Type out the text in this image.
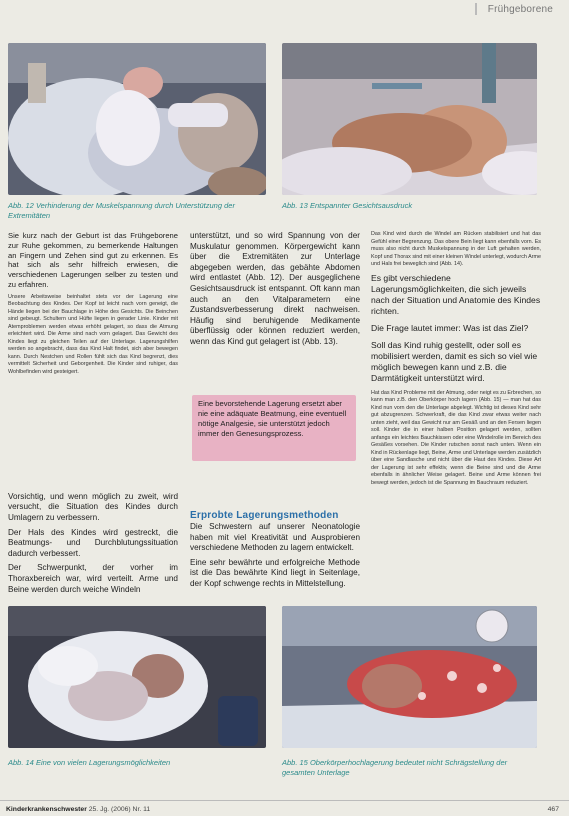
Frühgeborene
Abb. 12 Verhinderung der Muskelspannung durch Unterstützung der Extremitäten
Abb. 13 Entspannter Gesichtsausdruck

Sie kurz nach der Geburt ist das Frühgeborene zur Ruhe gekommen, zu bemerkende Haltungen an Fingern und Zehen sind gut zu erkennen. Es hat sich als sehr hilfreich erwiesen, die verschiedenen Lagerungen selber zu testen und zu erfahren.

Unsere Arbeitsweise beinhaltet stets vor der Lagerung eine Beobachtung des Kindes. Der Kopf ist leicht nach vorn geneigt, die Hände liegen bei der Bauchlage in Höhe des Gesichts. Die Beinchen sind gebeugt. Schultern und Hüfte liegen in gerader Linie. Kinder mit Atemproblemen werden etwas erhöht gelagert, so dass die Atmung erleichtert wird. Die Arme sind nach vorn gelagert. Das Gewicht des Kindes liegt zu gleichen Teilen auf der Unterlage. Lagerungshilfen werden so angebracht, dass das Kind Halt findet, sich aber bewegen kann. Durch Nestchen und Rollen fühlt sich das Kind begrenzt, dies vermittelt Sicherheit und Geborgenheit. Die Kinder sind ruhiger, das Wohlbefinden wird gesteigert.

Vorsichtig, und wenn möglich zu zweit, wird versucht, die Situation des Kindes durch Umlagern zu verbessern.

Der Hals des Kindes wird gestreckt, die Beatmungs- und Durchblutungssituation dadurch verbessert.

Der Schwerpunkt, der vorher im Thoraxbereich war, wird verteilt. Arme und Beine werden durch weiche Windeln

unterstützt, und so wird Spannung von der Muskulatur genommen. Körpergewicht kann über die Extremitäten zur Unterlage abgegeben werden, das gebähte Abdomen wird entlastet (Abb. 12). Der ausgeglichene Gesichtsausdruck ist entspannt. Oft kann man auch an den Vitalparametern eine Zustandsverbesserung direkt nachweisen. Häufig sind beruhigende Medikamente überflüssig oder können reduziert werden, wenn das Kind gut gelagert ist (Abb. 13).

Eine bevorstehende Lagerung ersetzt aber nie eine adäquate Beatmung, eine eventuell nötige Analgesie, sie unterstützt jedoch immer den Genesungsprozess.
Erprobte Lagerungsmethoden

Die Schwestern auf unserer Neonatologie haben mit viel Kreativität und Ausprobieren verschiedene Methoden zu lagern entwickelt.

Eine sehr bewährte und erfolgreiche Methode ist die Das bewährte Kind liegt in Seitenlage, der Kopf schwenge rechts in Mittelstellung.

Das Kind wird durch die Windel am Rücken stabilisiert und hat das Gefühl einer Begrenzung. Das obere Bein liegt kann ebenfalls vorn. Es muss also nicht durch Muskelspannung in der Luft gehalten werden, Kopf und Thorax sind mit einer kleinen Windel unterlegt, wodurch Arme und Hals frei beweglich sind (Abb. 14).

Es gibt verschiedene Lagerungsmöglichkeiten, die sich jeweils nach der Situation und Anatomie des Kindes richten.

Die Frage lautet immer: Was ist das Ziel?

Soll das Kind ruhig gestellt, oder soll es mobilisiert werden, damit es sich so viel wie möglich bewegen kann und z.B. die Darmtätigkeit unterstützt wird.

Hat das Kind Probleme mit der Atmung, oder neigt es zu Erbrechen, so kann man z.B. den Oberkörper hoch lagern (Abb. 15) — man hat das Kind nun vorn den die Unterlage abgelegt. Wichtig ist dieses Kind sehr gut abzugrenzen. Schwerkraft, die das Kind zwar etwas weiter nach unten zieht, weil das Gewicht nur am Gesäß und an den Fersen liegen soll. Kinder die in einer halben Position gelagert werden, sollten anfangs ein leichtes Bauchkissen oder eine Windelrolle im Bereich des Gesäßes vorsehen. Die Kinder rutschen sonst nach unten. Wenn ein Kind in Rückenlage liegt, Beine, Arme und Unterlage werden zusätzlich über eine Sandlasche und nicht über die Haut des Kindes. Diese Art der Lagerung ist sehr effektiv, wenn die Beine sind und die Arme ebenfalls in ähnlicher Weise gelagert. Beine und Arme können frei bewegt werden, jedoch ist die Spannung im Bauchraum reduziert.

Abb. 14 Eine von vielen Lagerungsmöglichkeiten	Abb. 15 Oberkörperhochlagerung bedeutet nicht Schrägstellung der gesamten Unterlage
Kinderkrankenschwester 25. Jg. (2006) Nr. 11	467
